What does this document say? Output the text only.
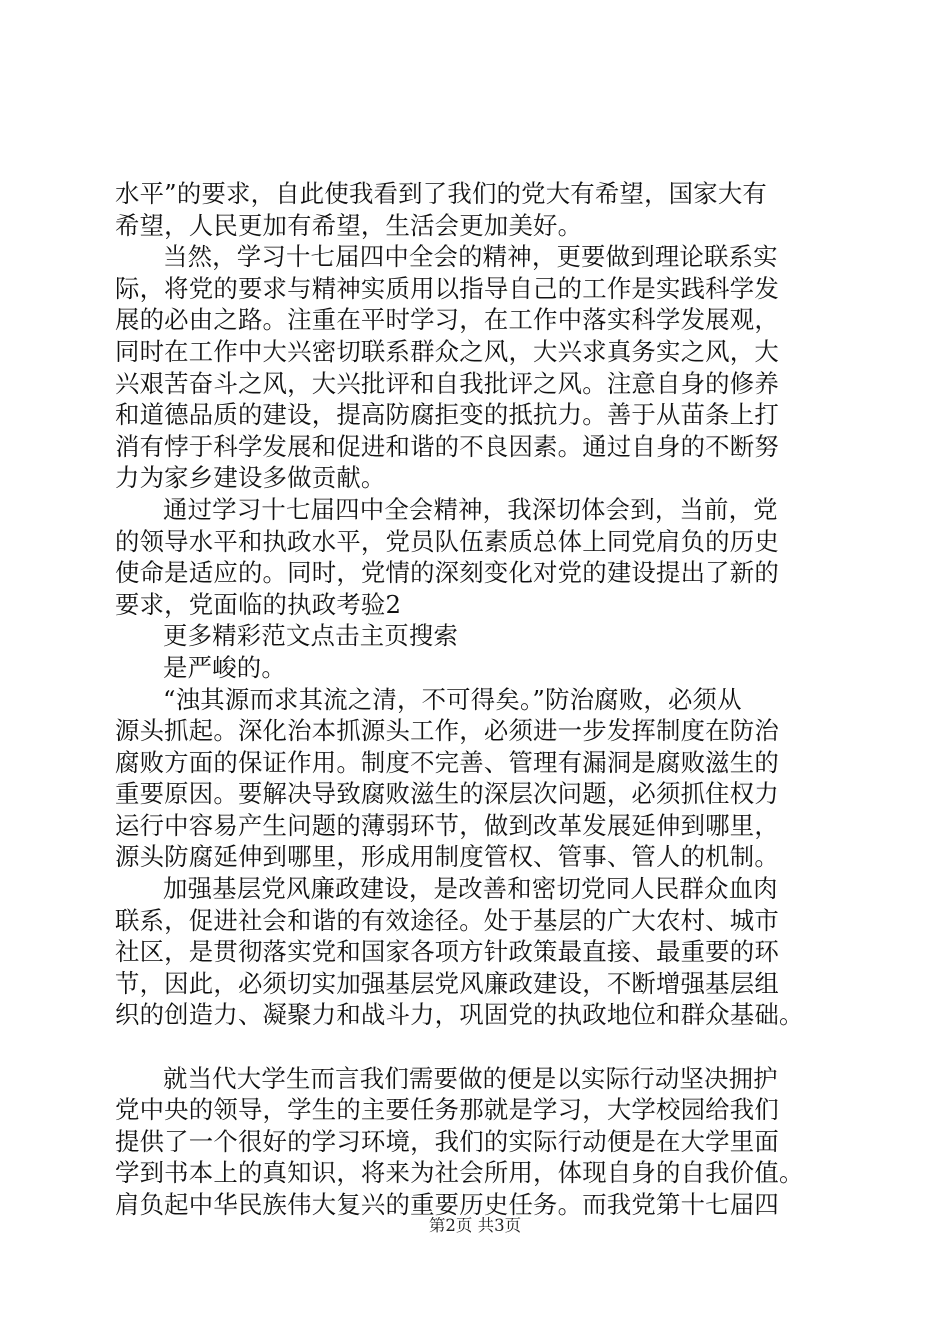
水平”的要求，自此使我看到了我们的党大有希望，国家大有
希望，人民更加有希望，生活会更加美好。
当然，学习十七届四中全会的精神，更要做到理论联系实
际，将党的要求与精神实质用以指导自己的工作是实践科学发
展的必由之路。注重在平时学习，在工作中落实科学发展观，
同时在工作中大兴密切联系群众之风，大兴求真务实之风，大
兴艰苦奋斗之风，大兴批评和自我批评之风。注意自身的修养
和道德品质的建设，提高防腐拒变的抵抗力。善于从苗条上打
消有悖于科学发展和促进和谐的不良因素。通过自身的不断努
力为家乡建设多做贡献。
通过学习十七届四中全会精神，我深切体会到，当前，党
的领导水平和执政水平，党员队伍素质总体上同党肩负的历史
使命是适应的。同时，党情的深刻变化对党的建设提出了新的
要求，党面临的执政考验2
更多精彩范文点击主页搜索
是严峻的。
“浊其源而求其流之清，不可得矣。”防治腐败，必须从
源头抓起。深化治本抓源头工作，必须进一步发挥制度在防治
腐败方面的保证作用。制度不完善、管理有漏洞是腐败滋生的
重要原因。要解决导致腐败滋生的深层次问题，必须抓住权力
运行中容易产生问题的薄弱环节，做到改革发展延伸到哪里，
源头防腐延伸到哪里，形成用制度管权、管事、管人的机制。
加强基层党风廉政建设，是改善和密切党同人民群众血肉
联系，促进社会和谐的有效途径。处于基层的广大农村、城市
社区，是贯彻落实党和国家各项方针政策最直接、最重要的环
节，因此，必须切实加强基层党风廉政建设，不断增强基层组
织的创造力、凝聚力和战斗力，巩固党的执政地位和群众基础。
就当代大学生而言我们需要做的便是以实际行动坚决拥护
党中央的领导，学生的主要任务那就是学习，大学校园给我们
提供了一个很好的学习环境，我们的实际行动便是在大学里面
学到书本上的真知识，将来为社会所用，体现自身的自我价值。
肩负起中华民族伟大复兴的重要历史任务。而我党第十七届四
第2页 共3页
